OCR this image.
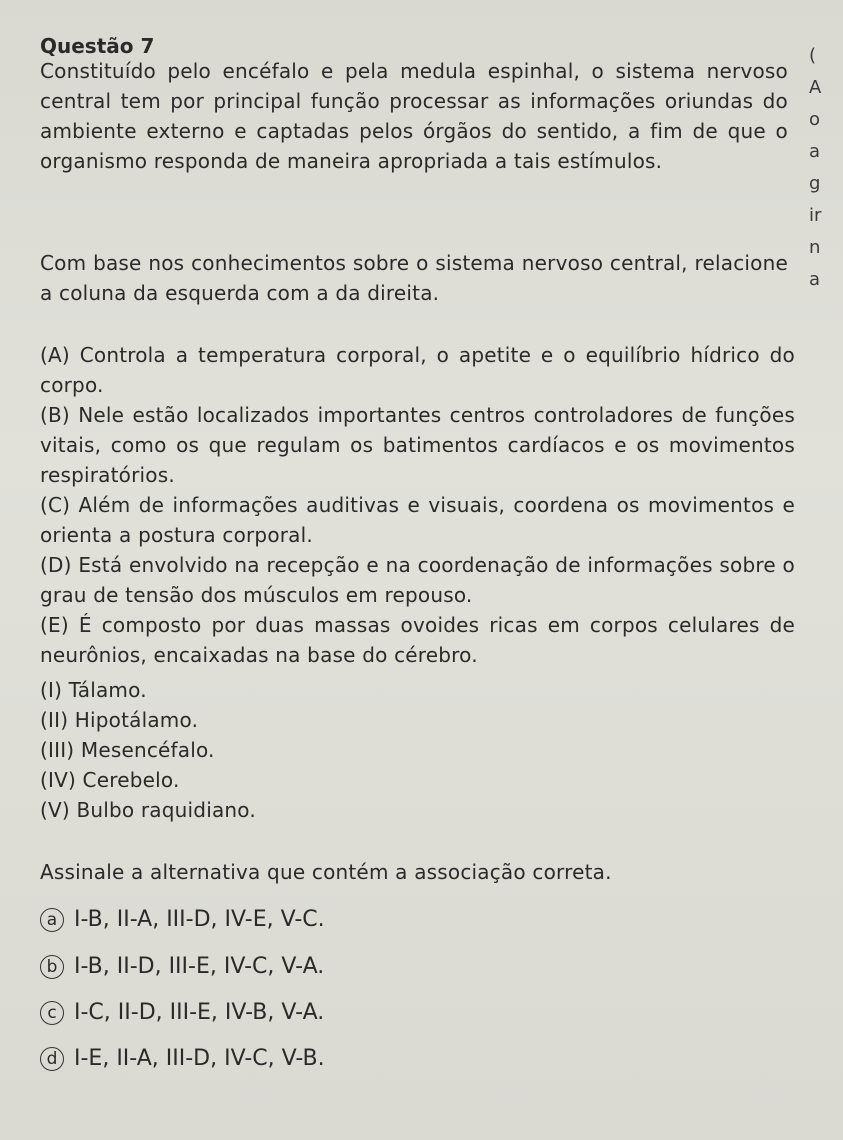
Questão 7
Constituído pelo encéfalo e pela medula espinhal, o sistema nervoso central tem por principal função processar as informações oriundas do ambiente externo e captadas pelos órgãos do sentido, a fim de que o organismo responda de maneira apropriada a tais estímulos.
Com base nos conhecimentos sobre o sistema nervoso central, relacione a coluna da esquerda com a da direita.

(A) Controla a temperatura corporal, o apetite e o equilíbrio hídrico do corpo.

(B) Nele estão localizados importantes centros controladores de funções vitais, como os que regulam os batimentos cardíacos e os movimentos respiratórios.

(C) Além de informações auditivas e visuais, coordena os movimentos e orienta a postura corporal.

(D) Está envolvido na recepção e na coordenação de informações sobre o grau de tensão dos músculos em repouso.

(E) É composto por duas massas ovoides ricas em corpos celulares de neurônios, encaixadas na base do cérebro.

(I) Tálamo.

(II) Hipotálamo.

(III) Mesencéfalo.

(IV) Cerebelo.

(V) Bulbo raquidiano.

Assinale a alternativa que contém a associação correta.
a I-B, II-A, III-D, IV-E, V-C.
b I-B, II-D, III-E, IV-C, V-A.
c I-C, II-D, III-E, IV-B, V-A.
d I-E, II-A, III-D, IV-C, V-B.
(
A
o
a
g
ir
n
a
